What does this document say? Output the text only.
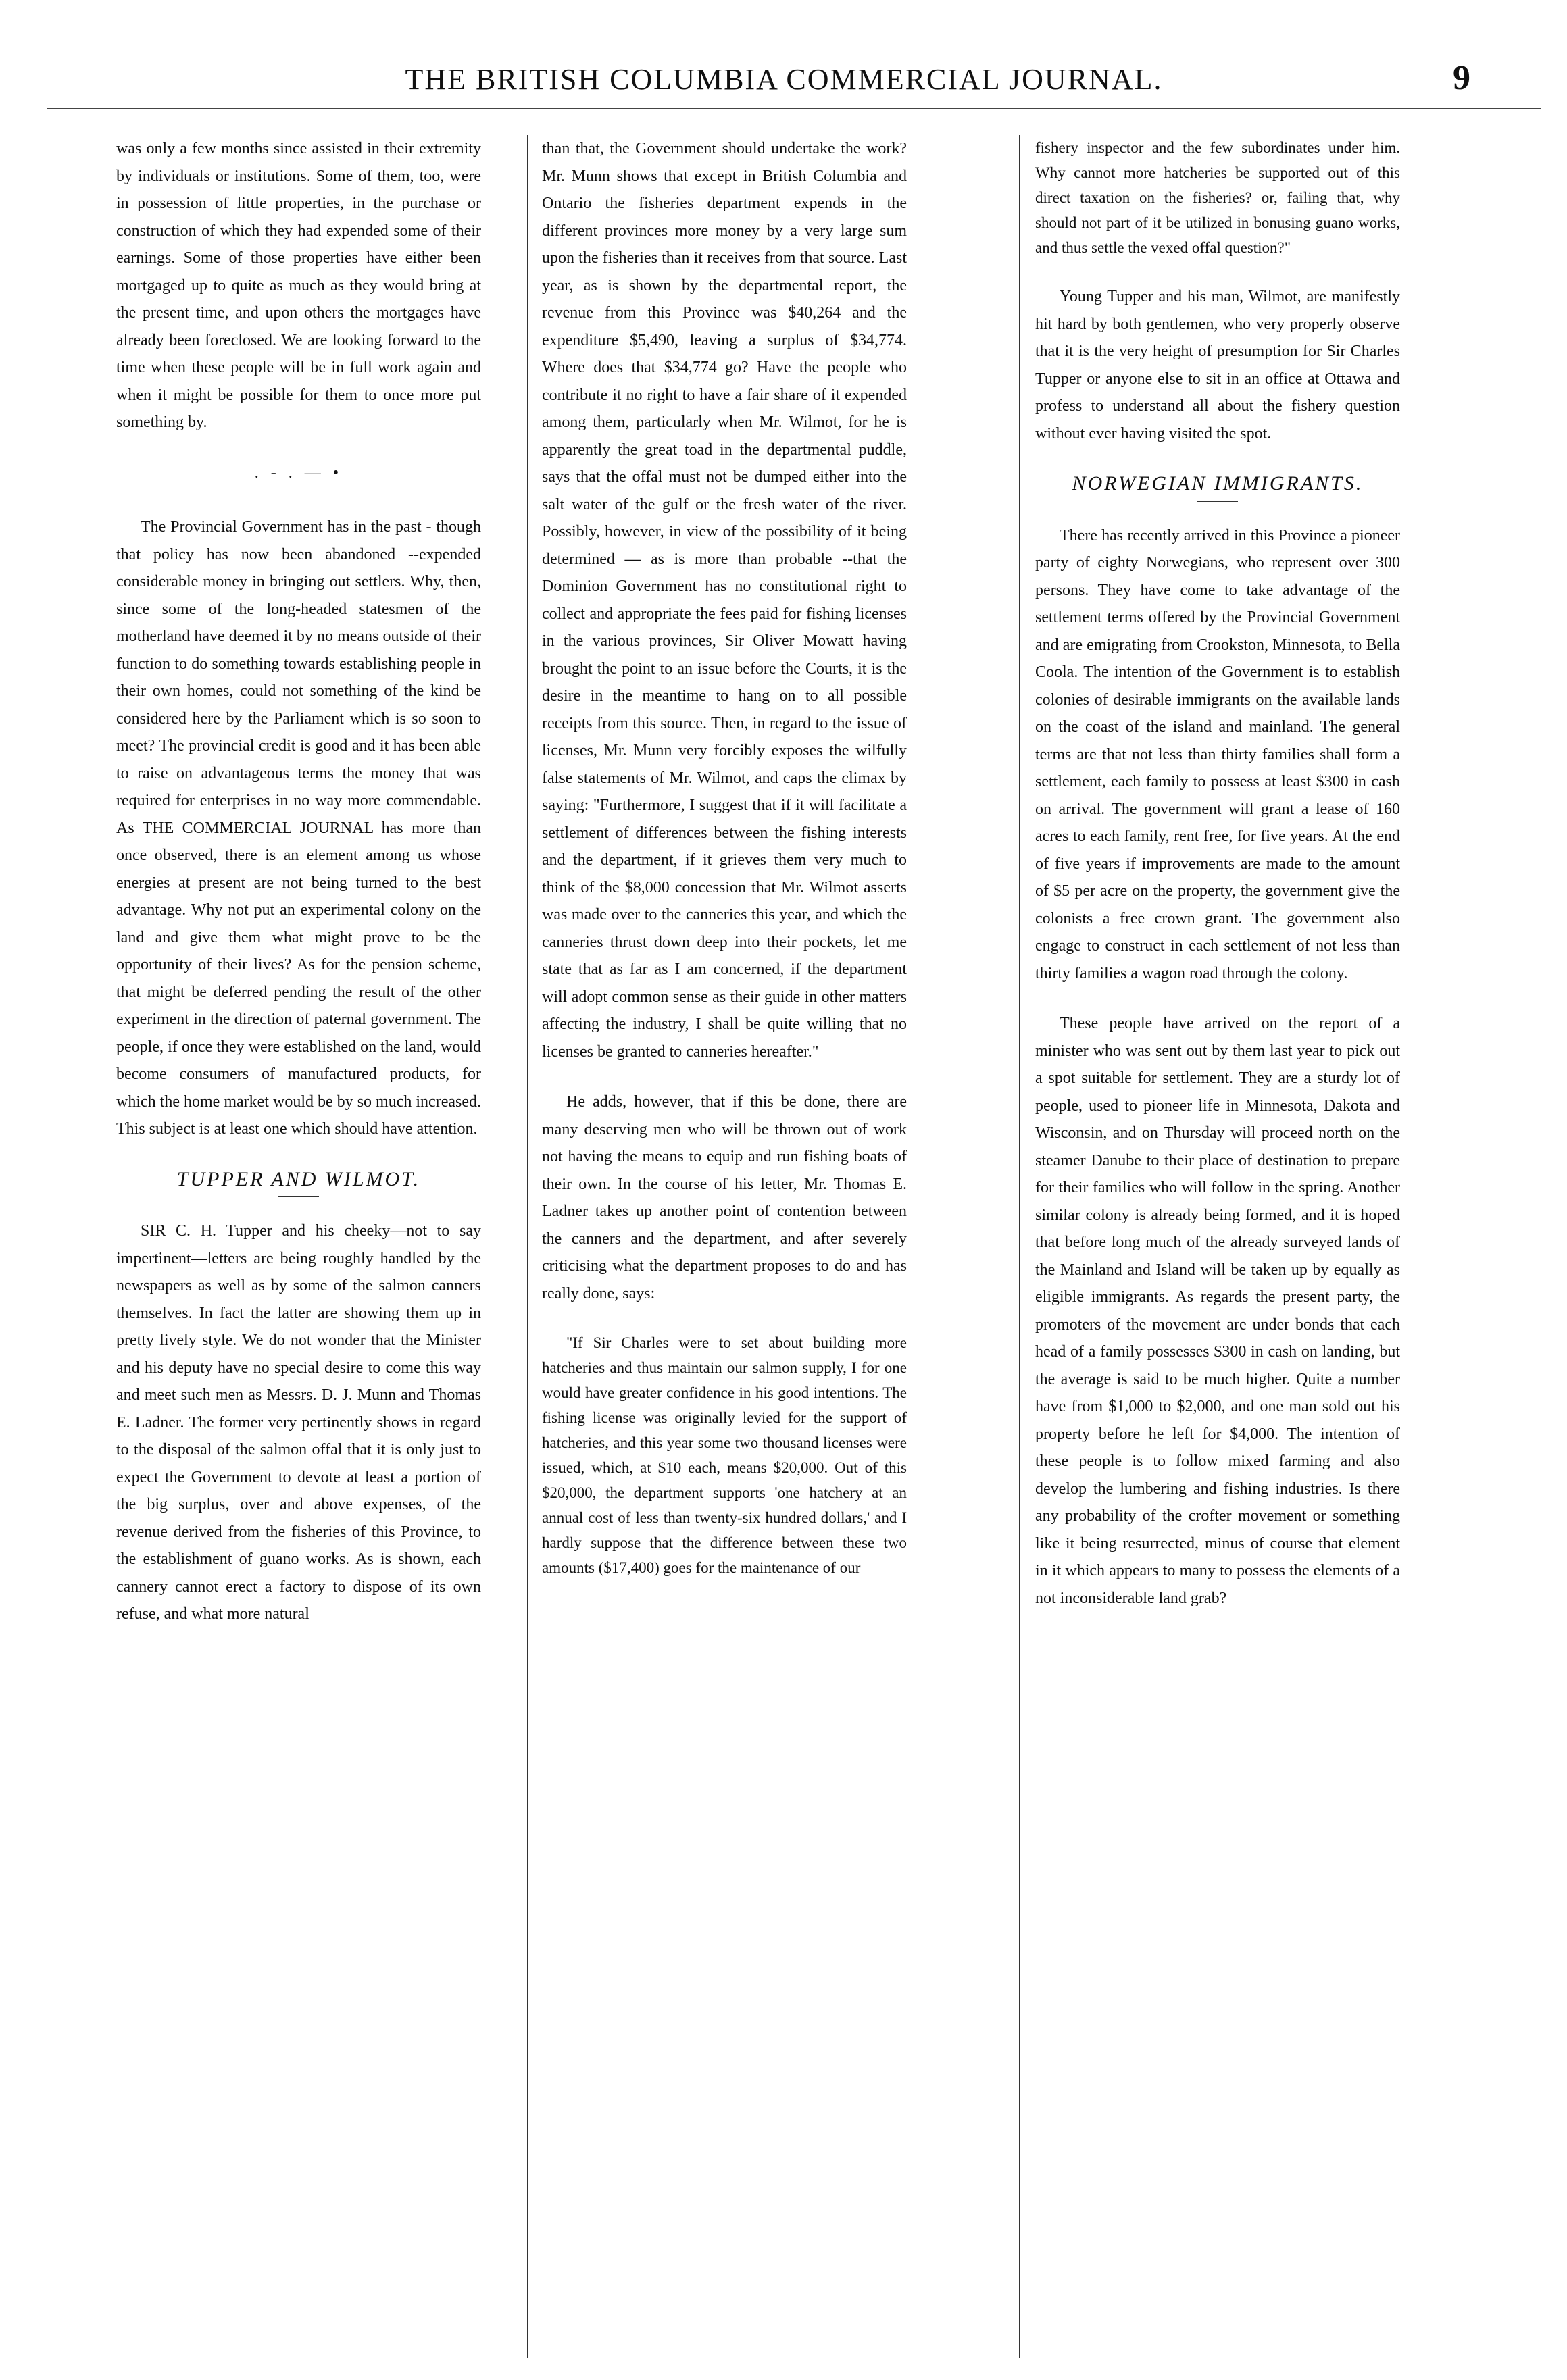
THE BRITISH COLUMBIA COMMERCIAL JOURNAL.	9

was only a few months since assisted in their extremity by individuals or institutions. Some of them, too, were in possession of little properties, in the purchase or construction of which they had expended some of their earnings. Some of those properties have either been mortgaged up to quite as much as they would bring at the present time, and upon others the mortgages have already been foreclosed. We are looking forward to the time when these people will be in full work again and when it might be possible for them to once more put something by.

. - . — •

The Provincial Government has in the past - though that policy has now been abandoned --expended considerable money in bringing out settlers. Why, then, since some of the long-headed statesmen of the motherland have deemed it by no means outside of their function to do something towards establishing people in their own homes, could not something of the kind be considered here by the Parliament which is so soon to meet? The provincial credit is good and it has been able to raise on advantageous terms the money that was required for enterprises in no way more commendable. As THE COMMERCIAL JOURNAL has more than once observed, there is an element among us whose energies at present are not being turned to the best advantage. Why not put an experimental colony on the land and give them what might prove to be the opportunity of their lives? As for the pension scheme, that might be deferred pending the result of the other experiment in the direction of paternal government. The people, if once they were established on the land, would become consumers of manufactured products, for which the home market would be by so much increased. This subject is at least one which should have attention.

TUPPER AND WILMOT.

SIR C. H. Tupper and his cheeky—not to say impertinent—letters are being roughly handled by the newspapers as well as by some of the salmon canners themselves. In fact the latter are showing them up in pretty lively style. We do not wonder that the Minister and his deputy have no special desire to come this way and meet such men as Messrs. D. J. Munn and Thomas E. Ladner. The former very pertinently shows in regard to the disposal of the salmon offal that it is only just to expect the Government to devote at least a portion of the big surplus, over and above expenses, of the revenue derived from the fisheries of this Province, to the establishment of guano works. As is shown, each cannery cannot erect a factory to dispose of its own refuse, and what more natural

than that, the Government should undertake the work? Mr. Munn shows that except in British Columbia and Ontario the fisheries department expends in the different provinces more money by a very large sum upon the fisheries than it receives from that source. Last year, as is shown by the departmental report, the revenue from this Province was $40,264 and the expenditure $5,490, leaving a surplus of $34,774. Where does that $34,774 go? Have the people who contribute it no right to have a fair share of it expended among them, particularly when Mr. Wilmot, for he is apparently the great toad in the departmental puddle, says that the offal must not be dumped either into the salt water of the gulf or the fresh water of the river. Possibly, however, in view of the possibility of it being determined — as is more than probable --that the Dominion Government has no constitutional right to collect and appropriate the fees paid for fishing licenses in the various provinces, Sir Oliver Mowatt having brought the point to an issue before the Courts, it is the desire in the meantime to hang on to all possible receipts from this source. Then, in regard to the issue of licenses, Mr. Munn very forcibly exposes the wilfully false statements of Mr. Wilmot, and caps the climax by saying: "Furthermore, I suggest that if it will facilitate a settlement of differences between the fishing interests and the department, if it grieves them very much to think of the $8,000 concession that Mr. Wilmot asserts was made over to the canneries this year, and which the canneries thrust down deep into their pockets, let me state that as far as I am concerned, if the department will adopt common sense as their guide in other matters affecting the industry, I shall be quite willing that no licenses be granted to canneries hereafter."

He adds, however, that if this be done, there are many deserving men who will be thrown out of work not having the means to equip and run fishing boats of their own. In the course of his letter, Mr. Thomas E. Ladner takes up another point of contention between the canners and the department, and after severely criticising what the department proposes to do and has really done, says:

"If Sir Charles were to set about building more hatcheries and thus maintain our salmon supply, I for one would have greater confidence in his good intentions. The fishing license was originally levied for the support of hatcheries, and this year some two thousand licenses were issued, which, at $10 each, means $20,000. Out of this $20,000, the department supports 'one hatchery at an annual cost of less than twenty-six hundred dollars,' and I hardly suppose that the difference between these two amounts ($17,400) goes for the maintenance of our

fishery inspector and the few subordinates under him. Why cannot more hatcheries be supported out of this direct taxation on the fisheries? or, failing that, why should not part of it be utilized in bonusing guano works, and thus settle the vexed offal question?"

Young Tupper and his man, Wilmot, are manifestly hit hard by both gentlemen, who very properly observe that it is the very height of presumption for Sir Charles Tupper or anyone else to sit in an office at Ottawa and profess to understand all about the fishery question without ever having visited the spot.

NORWEGIAN IMMIGRANTS.

There has recently arrived in this Province a pioneer party of eighty Norwegians, who represent over 300 persons. They have come to take advantage of the settlement terms offered by the Provincial Government and are emigrating from Crookston, Minnesota, to Bella Coola. The intention of the Government is to establish colonies of desirable immigrants on the available lands on the coast of the island and mainland. The general terms are that not less than thirty families shall form a settlement, each family to possess at least $300 in cash on arrival. The government will grant a lease of 160 acres to each family, rent free, for five years. At the end of five years if improvements are made to the amount of $5 per acre on the property, the government give the colonists a free crown grant. The government also engage to construct in each settlement of not less than thirty families a wagon road through the colony.

These people have arrived on the report of a minister who was sent out by them last year to pick out a spot suitable for settlement. They are a sturdy lot of people, used to pioneer life in Minnesota, Dakota and Wisconsin, and on Thursday will proceed north on the steamer Danube to their place of destination to prepare for their families who will follow in the spring. Another similar colony is already being formed, and it is hoped that before long much of the already surveyed lands of the Mainland and Island will be taken up by equally as eligible immigrants. As regards the present party, the promoters of the movement are under bonds that each head of a family possesses $300 in cash on landing, but the average is said to be much higher. Quite a number have from $1,000 to $2,000, and one man sold out his property before he left for $4,000. The intention of these people is to follow mixed farming and also develop the lumbering and fishing industries. Is there any probability of the crofter movement or something like it being resurrected, minus of course that element in it which appears to many to possess the elements of a not inconsiderable land grab?
